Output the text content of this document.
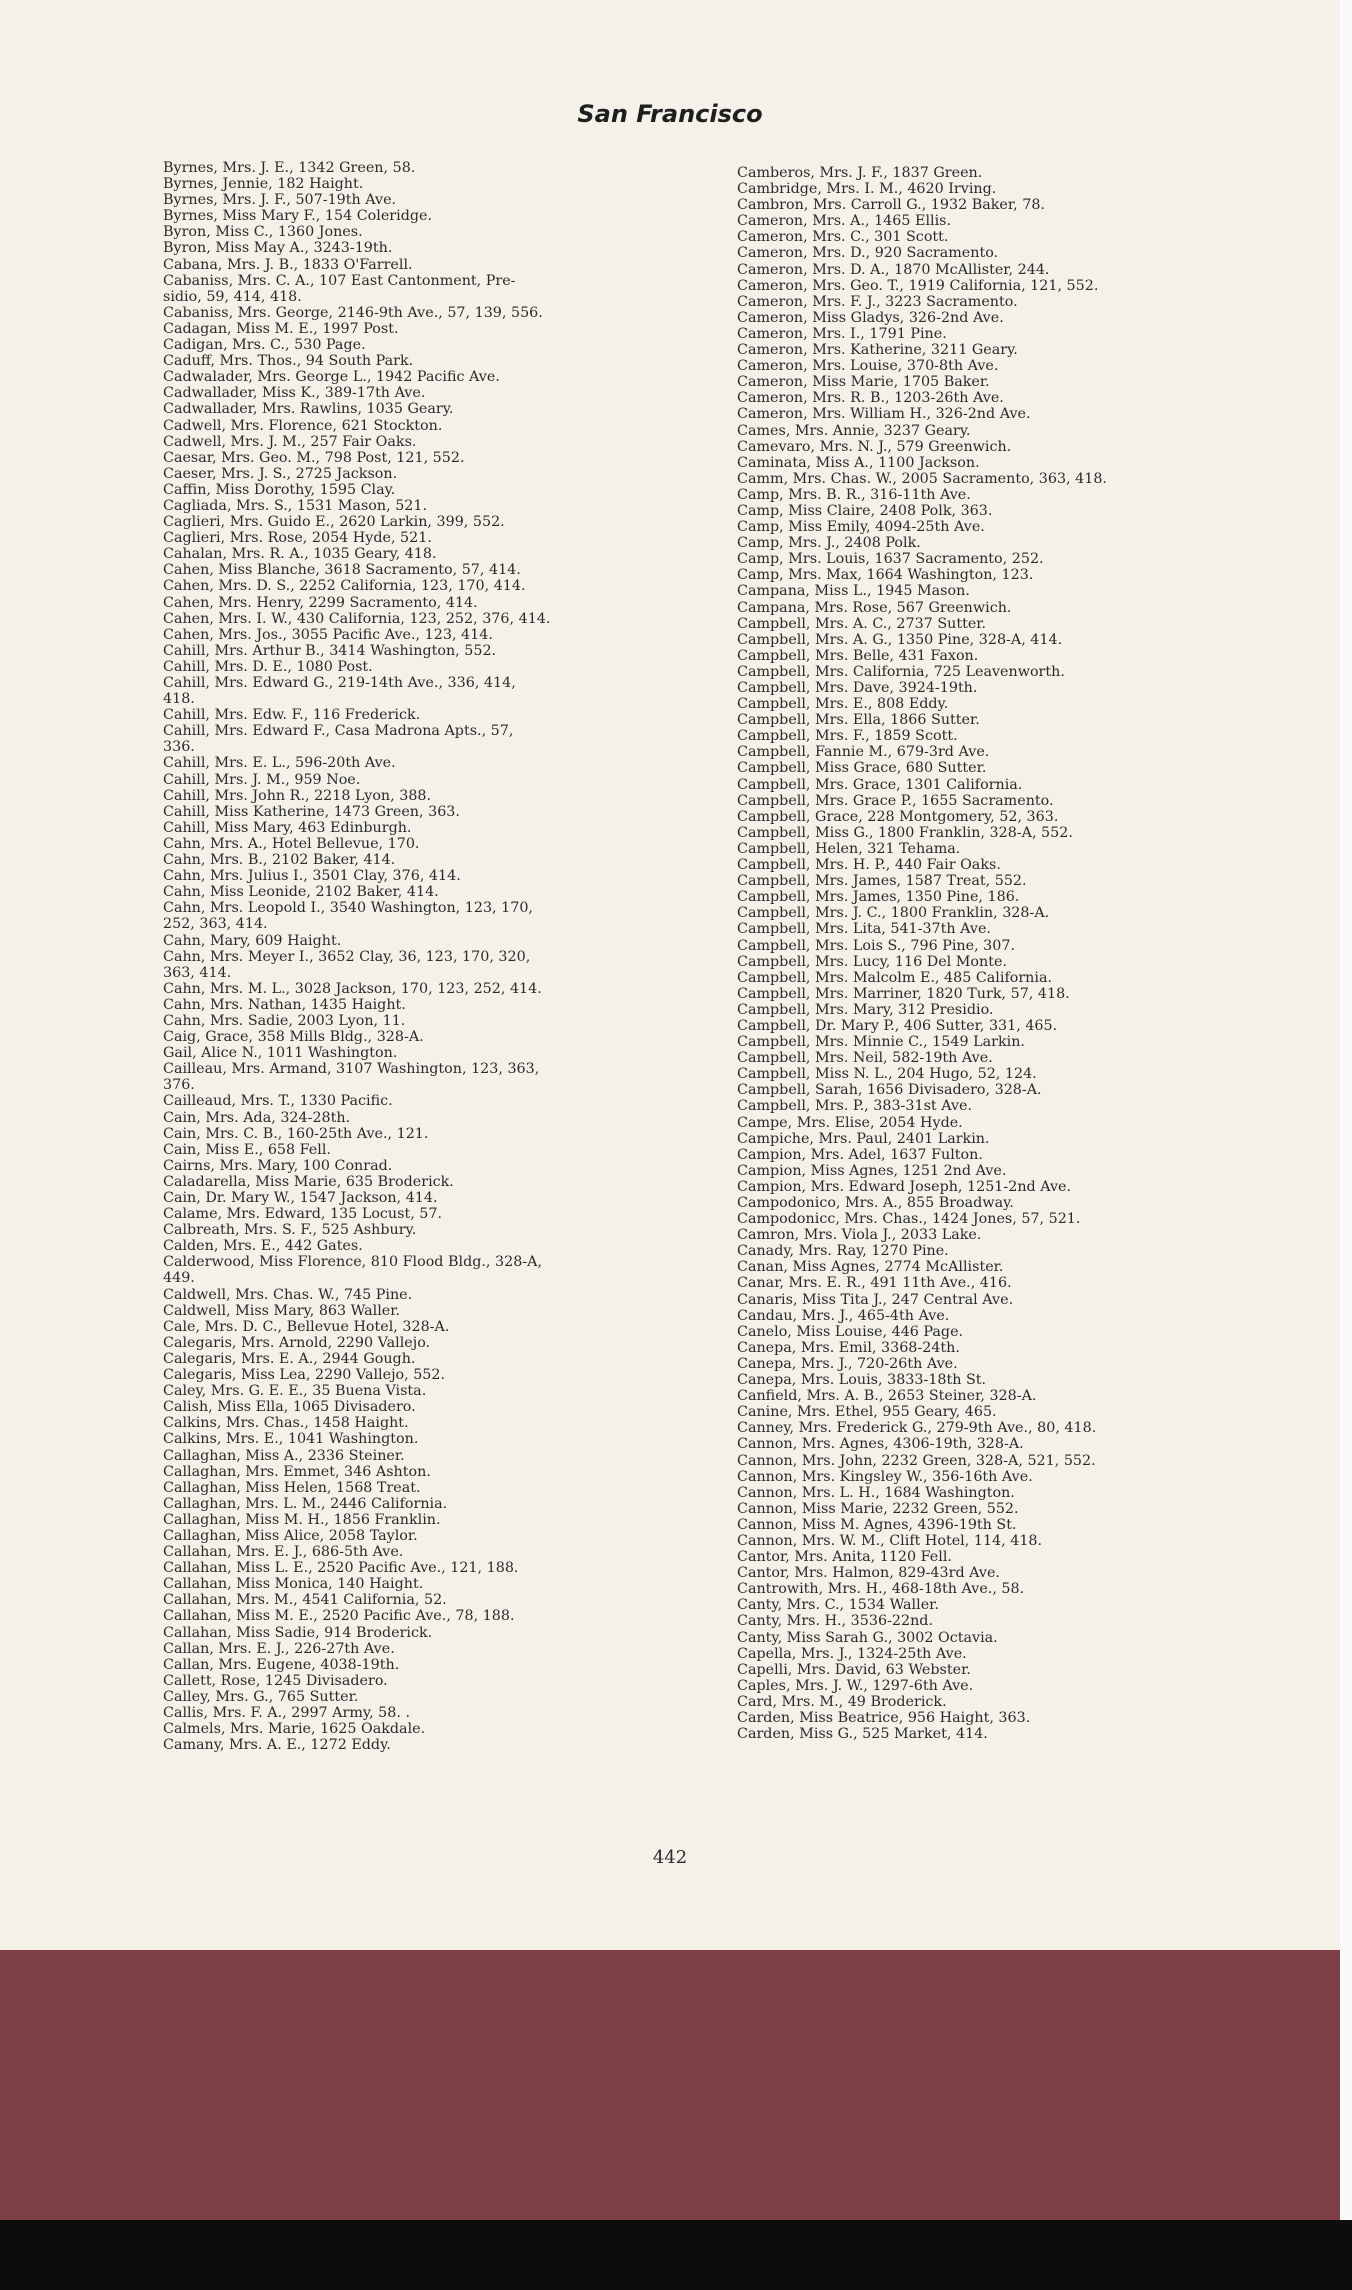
San Francisco
Byrnes, Mrs. J. E., 1342 Green, 58.
Byrnes, Jennie, 182 Haight.
Byrnes, Mrs. J. F., 507-19th Ave.
Byrnes, Miss Mary F., 154 Coleridge.
Byron, Miss C., 1360 Jones.
Byron, Miss May A., 3243-19th.
Cabana, Mrs. J. B., 1833 O'Farrell.
Cabaniss, Mrs. C. A., 107 East Cantonment, Pre-
sidio, 59, 414, 418.
Cabaniss, Mrs. George, 2146-9th Ave., 57, 139, 556.
Cadagan, Miss M. E., 1997 Post.
Cadigan, Mrs. C., 530 Page.
Caduff, Mrs. Thos., 94 South Park.
Cadwalader, Mrs. George L., 1942 Pacific Ave.
Cadwallader, Miss K., 389-17th Ave.
Cadwallader, Mrs. Rawlins, 1035 Geary.
Cadwell, Mrs. Florence, 621 Stockton.
Cadwell, Mrs. J. M., 257 Fair Oaks.
Caesar, Mrs. Geo. M., 798 Post, 121, 552.
Caeser, Mrs. J. S., 2725 Jackson.
Caffin, Miss Dorothy, 1595 Clay.
Cagliada, Mrs. S., 1531 Mason, 521.
Caglieri, Mrs. Guido E., 2620 Larkin, 399, 552.
Caglieri, Mrs. Rose, 2054 Hyde, 521.
Cahalan, Mrs. R. A., 1035 Geary, 418.
Cahen, Miss Blanche, 3618 Sacramento, 57, 414.
Cahen, Mrs. D. S., 2252 California, 123, 170, 414.
Cahen, Mrs. Henry, 2299 Sacramento, 414.
Cahen, Mrs. I. W., 430 California, 123, 252, 376, 414.
Cahen, Mrs. Jos., 3055 Pacific Ave., 123, 414.
Cahill, Mrs. Arthur B., 3414 Washington, 552.
Cahill, Mrs. D. E., 1080 Post.
Cahill, Mrs. Edward G., 219-14th Ave., 336, 414,
418.
Cahill, Mrs. Edw. F., 116 Frederick.
Cahill, Mrs. Edward F., Casa Madrona Apts., 57,
336.
Cahill, Mrs. E. L., 596-20th Ave.
Cahill, Mrs. J. M., 959 Noe.
Cahill, Mrs. John R., 2218 Lyon, 388.
Cahill, Miss Katherine, 1473 Green, 363.
Cahill, Miss Mary, 463 Edinburgh.
Cahn, Mrs. A., Hotel Bellevue, 170.
Cahn, Mrs. B., 2102 Baker, 414.
Cahn, Mrs. Julius I., 3501 Clay, 376, 414.
Cahn, Miss Leonide, 2102 Baker, 414.
Cahn, Mrs. Leopold I., 3540 Washington, 123, 170,
252, 363, 414.
Cahn, Mary, 609 Haight.
Cahn, Mrs. Meyer I., 3652 Clay, 36, 123, 170, 320,
363, 414.
Cahn, Mrs. M. L., 3028 Jackson, 170, 123, 252, 414.
Cahn, Mrs. Nathan, 1435 Haight.
Cahn, Mrs. Sadie, 2003 Lyon, 11.
Caig, Grace, 358 Mills Bldg., 328-A.
Gail, Alice N., 1011 Washington.
Cailleau, Mrs. Armand, 3107 Washington, 123, 363,
376.
Cailleaud, Mrs. T., 1330 Pacific.
Cain, Mrs. Ada, 324-28th.
Cain, Mrs. C. B., 160-25th Ave., 121.
Cain, Miss E., 658 Fell.
Cairns, Mrs. Mary, 100 Conrad.
Caladarella, Miss Marie, 635 Broderick.
Cain, Dr. Mary W., 1547 Jackson, 414.
Calame, Mrs. Edward, 135 Locust, 57.
Calbreath, Mrs. S. F., 525 Ashbury.
Calden, Mrs. E., 442 Gates.
Calderwood, Miss Florence, 810 Flood Bldg., 328-A,
449.
Caldwell, Mrs. Chas. W., 745 Pine.
Caldwell, Miss Mary, 863 Waller.
Cale, Mrs. D. C., Bellevue Hotel, 328-A.
Calegaris, Mrs. Arnold, 2290 Vallejo.
Calegaris, Mrs. E. A., 2944 Gough.
Calegaris, Miss Lea, 2290 Vallejo, 552.
Caley, Mrs. G. E. E., 35 Buena Vista.
Calish, Miss Ella, 1065 Divisadero.
Calkins, Mrs. Chas., 1458 Haight.
Calkins, Mrs. E., 1041 Washington.
Callaghan, Miss A., 2336 Steiner.
Callaghan, Mrs. Emmet, 346 Ashton.
Callaghan, Miss Helen, 1568 Treat.
Callaghan, Mrs. L. M., 2446 California.
Callaghan, Miss M. H., 1856 Franklin.
Callaghan, Miss Alice, 2058 Taylor.
Callahan, Mrs. E. J., 686-5th Ave.
Callahan, Miss L. E., 2520 Pacific Ave., 121, 188.
Callahan, Miss Monica, 140 Haight.
Callahan, Mrs. M., 4541 California, 52.
Callahan, Miss M. E., 2520 Pacific Ave., 78, 188.
Callahan, Miss Sadie, 914 Broderick.
Callan, Mrs. E. J., 226-27th Ave.
Callan, Mrs. Eugene, 4038-19th.
Callett, Rose, 1245 Divisadero.
Calley, Mrs. G., 765 Sutter.
Callis, Mrs. F. A., 2997 Army, 58. .
Calmels, Mrs. Marie, 1625 Oakdale.
Camany, Mrs. A. E., 1272 Eddy.
Camberos, Mrs. J. F., 1837 Green.
Cambridge, Mrs. I. M., 4620 Irving.
Cambron, Mrs. Carroll G., 1932 Baker, 78.
Cameron, Mrs. A., 1465 Ellis.
Cameron, Mrs. C., 301 Scott.
Cameron, Mrs. D., 920 Sacramento.
Cameron, Mrs. D. A., 1870 McAllister, 244.
Cameron, Mrs. Geo. T., 1919 California, 121, 552.
Cameron, Mrs. F. J., 3223 Sacramento.
Cameron, Miss Gladys, 326-2nd Ave.
Cameron, Mrs. I., 1791 Pine.
Cameron, Mrs. Katherine, 3211 Geary.
Cameron, Mrs. Louise, 370-8th Ave.
Cameron, Miss Marie, 1705 Baker.
Cameron, Mrs. R. B., 1203-26th Ave.
Cameron, Mrs. William H., 326-2nd Ave.
Cames, Mrs. Annie, 3237 Geary.
Camevaro, Mrs. N. J., 579 Greenwich.
Caminata, Miss A., 1100 Jackson.
Camm, Mrs. Chas. W., 2005 Sacramento, 363, 418.
Camp, Mrs. B. R., 316-11th Ave.
Camp, Miss Claire, 2408 Polk, 363.
Camp, Miss Emily, 4094-25th Ave.
Camp, Mrs. J., 2408 Polk.
Camp, Mrs. Louis, 1637 Sacramento, 252.
Camp, Mrs. Max, 1664 Washington, 123.
Campana, Miss L., 1945 Mason.
Campana, Mrs. Rose, 567 Greenwich.
Campbell, Mrs. A. C., 2737 Sutter.
Campbell, Mrs. A. G., 1350 Pine, 328-A, 414.
Campbell, Mrs. Belle, 431 Faxon.
Campbell, Mrs. California, 725 Leavenworth.
Campbell, Mrs. Dave, 3924-19th.
Campbell, Mrs. E., 808 Eddy.
Campbell, Mrs. Ella, 1866 Sutter.
Campbell, Mrs. F., 1859 Scott.
Campbell, Fannie M., 679-3rd Ave.
Campbell, Miss Grace, 680 Sutter.
Campbell, Mrs. Grace, 1301 California.
Campbell, Mrs. Grace P., 1655 Sacramento.
Campbell, Grace, 228 Montgomery, 52, 363.
Campbell, Miss G., 1800 Franklin, 328-A, 552.
Campbell, Helen, 321 Tehama.
Campbell, Mrs. H. P., 440 Fair Oaks.
Campbell, Mrs. James, 1587 Treat, 552.
Campbell, Mrs. James, 1350 Pine, 186.
Campbell, Mrs. J. C., 1800 Franklin, 328-A.
Campbell, Mrs. Lita, 541-37th Ave.
Campbell, Mrs. Lois S., 796 Pine, 307.
Campbell, Mrs. Lucy, 116 Del Monte.
Campbell, Mrs. Malcolm E., 485 California.
Campbell, Mrs. Marriner, 1820 Turk, 57, 418.
Campbell, Mrs. Mary, 312 Presidio.
Campbell, Dr. Mary P., 406 Sutter, 331, 465.
Campbell, Mrs. Minnie C., 1549 Larkin.
Campbell, Mrs. Neil, 582-19th Ave.
Campbell, Miss N. L., 204 Hugo, 52, 124.
Campbell, Sarah, 1656 Divisadero, 328-A.
Campbell, Mrs. P., 383-31st Ave.
Campe, Mrs. Elise, 2054 Hyde.
Campiche, Mrs. Paul, 2401 Larkin.
Campion, Mrs. Adel, 1637 Fulton.
Campion, Miss Agnes, 1251 2nd Ave.
Campion, Mrs. Edward Joseph, 1251-2nd Ave.
Campodonico, Mrs. A., 855 Broadway.
Campodonicc, Mrs. Chas., 1424 Jones, 57, 521.
Camron, Mrs. Viola J., 2033 Lake.
Canady, Mrs. Ray, 1270 Pine.
Canan, Miss Agnes, 2774 McAllister.
Canar, Mrs. E. R., 491 11th Ave., 416.
Canaris, Miss Tita J., 247 Central Ave.
Candau, Mrs. J., 465-4th Ave.
Canelo, Miss Louise, 446 Page.
Canepa, Mrs. Emil, 3368-24th.
Canepa, Mrs. J., 720-26th Ave.
Canepa, Mrs. Louis, 3833-18th St.
Canfield, Mrs. A. B., 2653 Steiner, 328-A.
Canine, Mrs. Ethel, 955 Geary, 465.
Canney, Mrs. Frederick G., 279-9th Ave., 80, 418.
Cannon, Mrs. Agnes, 4306-19th, 328-A.
Cannon, Mrs. John, 2232 Green, 328-A, 521, 552.
Cannon, Mrs. Kingsley W., 356-16th Ave.
Cannon, Mrs. L. H., 1684 Washington.
Cannon, Miss Marie, 2232 Green, 552.
Cannon, Miss M. Agnes, 4396-19th St.
Cannon, Mrs. W. M., Clift Hotel, 114, 418.
Cantor, Mrs. Anita, 1120 Fell.
Cantor, Mrs. Halmon, 829-43rd Ave.
Cantrowith, Mrs. H., 468-18th Ave., 58.
Canty, Mrs. C., 1534 Waller.
Canty, Mrs. H., 3536-22nd.
Canty, Miss Sarah G., 3002 Octavia.
Capella, Mrs. J., 1324-25th Ave.
Capelli, Mrs. David, 63 Webster.
Caples, Mrs. J. W., 1297-6th Ave.
Card, Mrs. M., 49 Broderick.
Carden, Miss Beatrice, 956 Haight, 363.
Carden, Miss G., 525 Market, 414.
442
